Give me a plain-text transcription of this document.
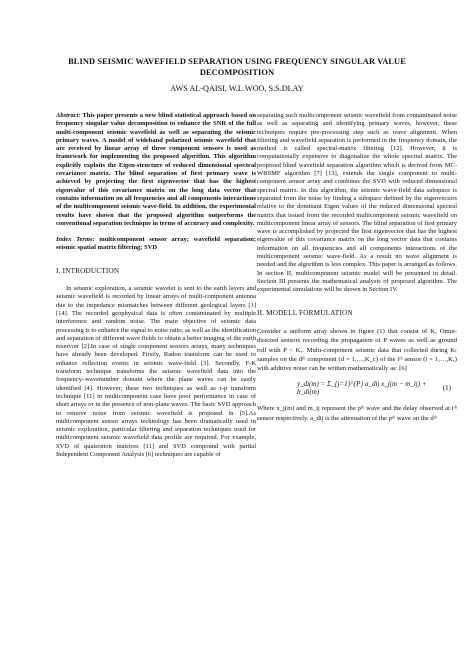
BLIND SEISMIC WAVEFIELD SEPARATION USING FREQUENCY SINGULAR VALUE DECOMPOSITION
AWS AL-QAISI, W.L.WOO, S.S.DLAY

Abstract: This paper presents a new blind statistical approach based on frequency singular value decomposition to enhance the SNR of the full multi-component seismic wavefield as well as separating the seismic primary waves. A model of wideband polarized seismic wavefield that are received by linear array of three component sensors is used as framework for implementing the proposed algorithm. This algorithm explicitly exploits the Eigen-structure of reduced dimensional spectral covariance matrix. The blind separation of first primary wave is achieved by projecting the first eigenvector that has the highest eigenvalue of this covariance matrix on the long data vector that contains information on all frequencies and all components interactions of the multicomponent seismic wave-field. In addition, the experimental results have shown that the proposed algorithm outperforms the conventional separation technique in terms of accuracy and complexity.

Index Terms: multicomponent sensor array; wavefield separation; seismic spatial matrix filtering; SVD

I. INTRODUCTION

In seismic exploration, a seismic wavelet is sent to the earth layers and seismic wavefield is recorded by linear arrays of multi-component antenna due to the impedance mismatches between different geological layers [1] [14]. The recorded geophysical data is often contaminated by multiple interference and random noise. The main objective of seismic data processing is to enhance the signal to noise ratio, as well as the identification and separation of different wave fields to obtain a better imaging of the earth reservoir [2].In case of single component sensors arrays, many techniques have already been developed. Firstly, Radon transform can be used to enhance reflection events in seismic wave-field [3]. Secondly, F-K transform technique transforms the seismic wavefield data into the frequency–wavenumber domain where the plane waves can be easily identified [4]. However, these two techniques as well as τ-p transform technique [11] in multicomponent case have poor performance in case of short arrays or in the presence of non-plane waves. The basic SVD approach to remove noise from seismic wavefield is proposed in [5].As multicomponent sensor arrays technology has been dramatically used in seismic exploration, particular filtering and separation techniques used for multicomponent seismic wavefield data profile are required. For example, SVD of quaternion matrices [11] and SVD compound with partial Independent Component Analysis [6] techniques are capable of

separating such multicomponent seismic wavefield from contaminated noise as well as separating and identifying primary waves, however, these techniques require pre-processing step such as wave alignment. When filtering and wavefield separation is performed in the frequency domain, the method is called spectral-matrix filtering [12]. However, it is computationally expensive to diagonalize the whole spectral matrix. The proposed blind wavefield separation algorithm which is derived from MC-WBSMF algorithm [7] [13], extends the single component to multi-component sensor array and combines the SVD with reduced dimensional spectral matrix. In this algorithm, the seismic wave-field data subspace is separated from the noise by finding a subspace defined by the eigenvectors relative to the dominant Eigen values of the reduced dimensional spectral matrix that issued from the recorded multicomponent seismic wavefield on multicomponent linear array of sensors. The blind separation of first primary wave is accomplished by projected the first eigenvector that has the highest eigenvalue of this covariance matrix on the long vector data that contains information on all frequencies and all components interactions of the multicomponent seismic wave-field. As a result no wave alignment is needed and the algorithm is less complex. This paper is arranged as follows. In section II, multicomponent seismic model will be presented in detail. Section III presents the mathematical analysis of proposed algorithm. The experimental simulations will be shown in Section IV.

II. MODELL FORMULATION

Consider a uniform array shown in figure (1) that consist of Kₓ Omni-directed sensors recording the propagation of P waves as well as ground roll with P < Kₓ. Multi-component seismic data that collected during Kₜ samples on the dᵗʰ component (d = 1,…,K_c) of the iᵗʰ sensor (i = 1,…,Kₓ) with additive noise can be written mathematically as: [6]

y_di(m) = Σ_{j=1}^{P} a_dij x_j(m − m_ij) + b_di(m)
(1)

Where x_j(m) and m_ij represent the pᵗʰ wave and the delay observed at iᵗʰ sensor respectively. a_dij is the attenuation of the pᵗʰ wave on the dᵗʰ
